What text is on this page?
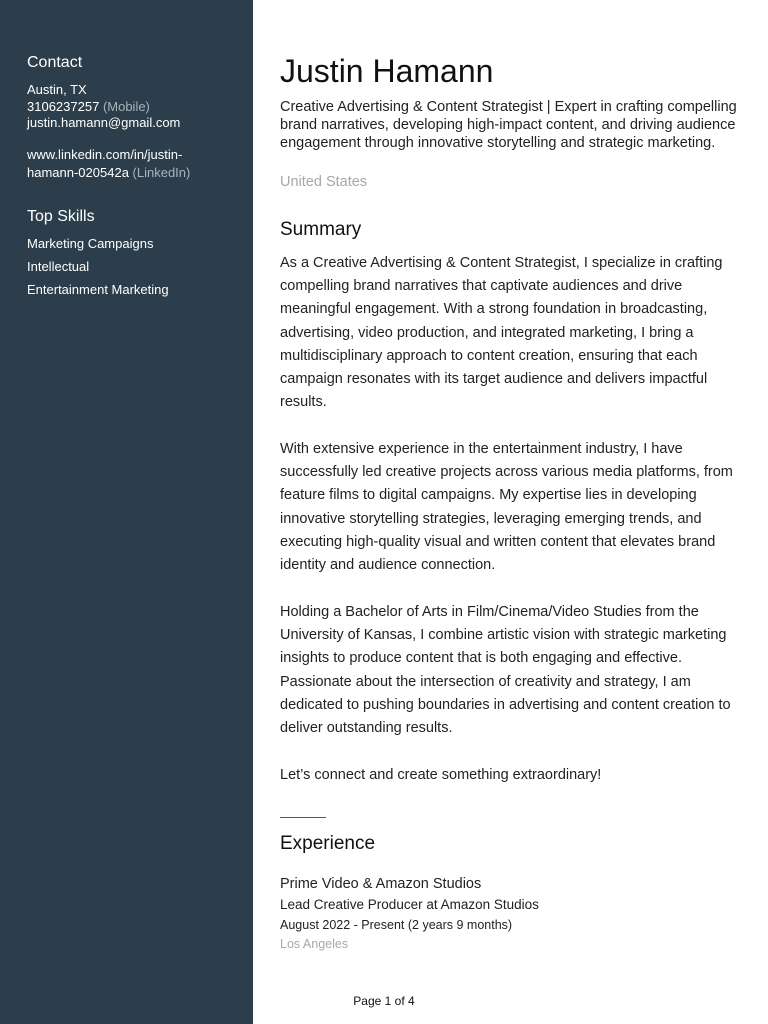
Contact
Austin, TX
3106237257 (Mobile)
justin.hamann@gmail.com
www.linkedin.com/in/justin-
hamann-020542a (LinkedIn)
Top Skills
Marketing Campaigns
Intellectual
Entertainment Marketing
Justin Hamann
Creative Advertising & Content Strategist | Expert in crafting compelling brand narratives, developing high-impact content, and driving audience engagement through innovative storytelling and strategic marketing.
United States
Summary
As a Creative Advertising & Content Strategist, I specialize in crafting compelling brand narratives that captivate audiences and drive meaningful engagement. With a strong foundation in broadcasting, advertising, video production, and integrated marketing, I bring a multidisciplinary approach to content creation, ensuring that each campaign resonates with its target audience and delivers impactful results.
With extensive experience in the entertainment industry, I have successfully led creative projects across various media platforms, from feature films to digital campaigns. My expertise lies in developing innovative storytelling strategies, leveraging emerging trends, and executing high-quality visual and written content that elevates brand identity and audience connection.
Holding a Bachelor of Arts in Film/Cinema/Video Studies from the University of Kansas, I combine artistic vision with strategic marketing insights to produce content that is both engaging and effective. Passionate about the intersection of creativity and strategy, I am dedicated to pushing boundaries in advertising and content creation to deliver outstanding results.
Let’s connect and create something extraordinary!
Experience
Prime Video & Amazon Studios
Lead Creative Producer at Amazon Studios
August 2022 - Present (2 years 9 months)
Los Angeles
Page 1 of 4
